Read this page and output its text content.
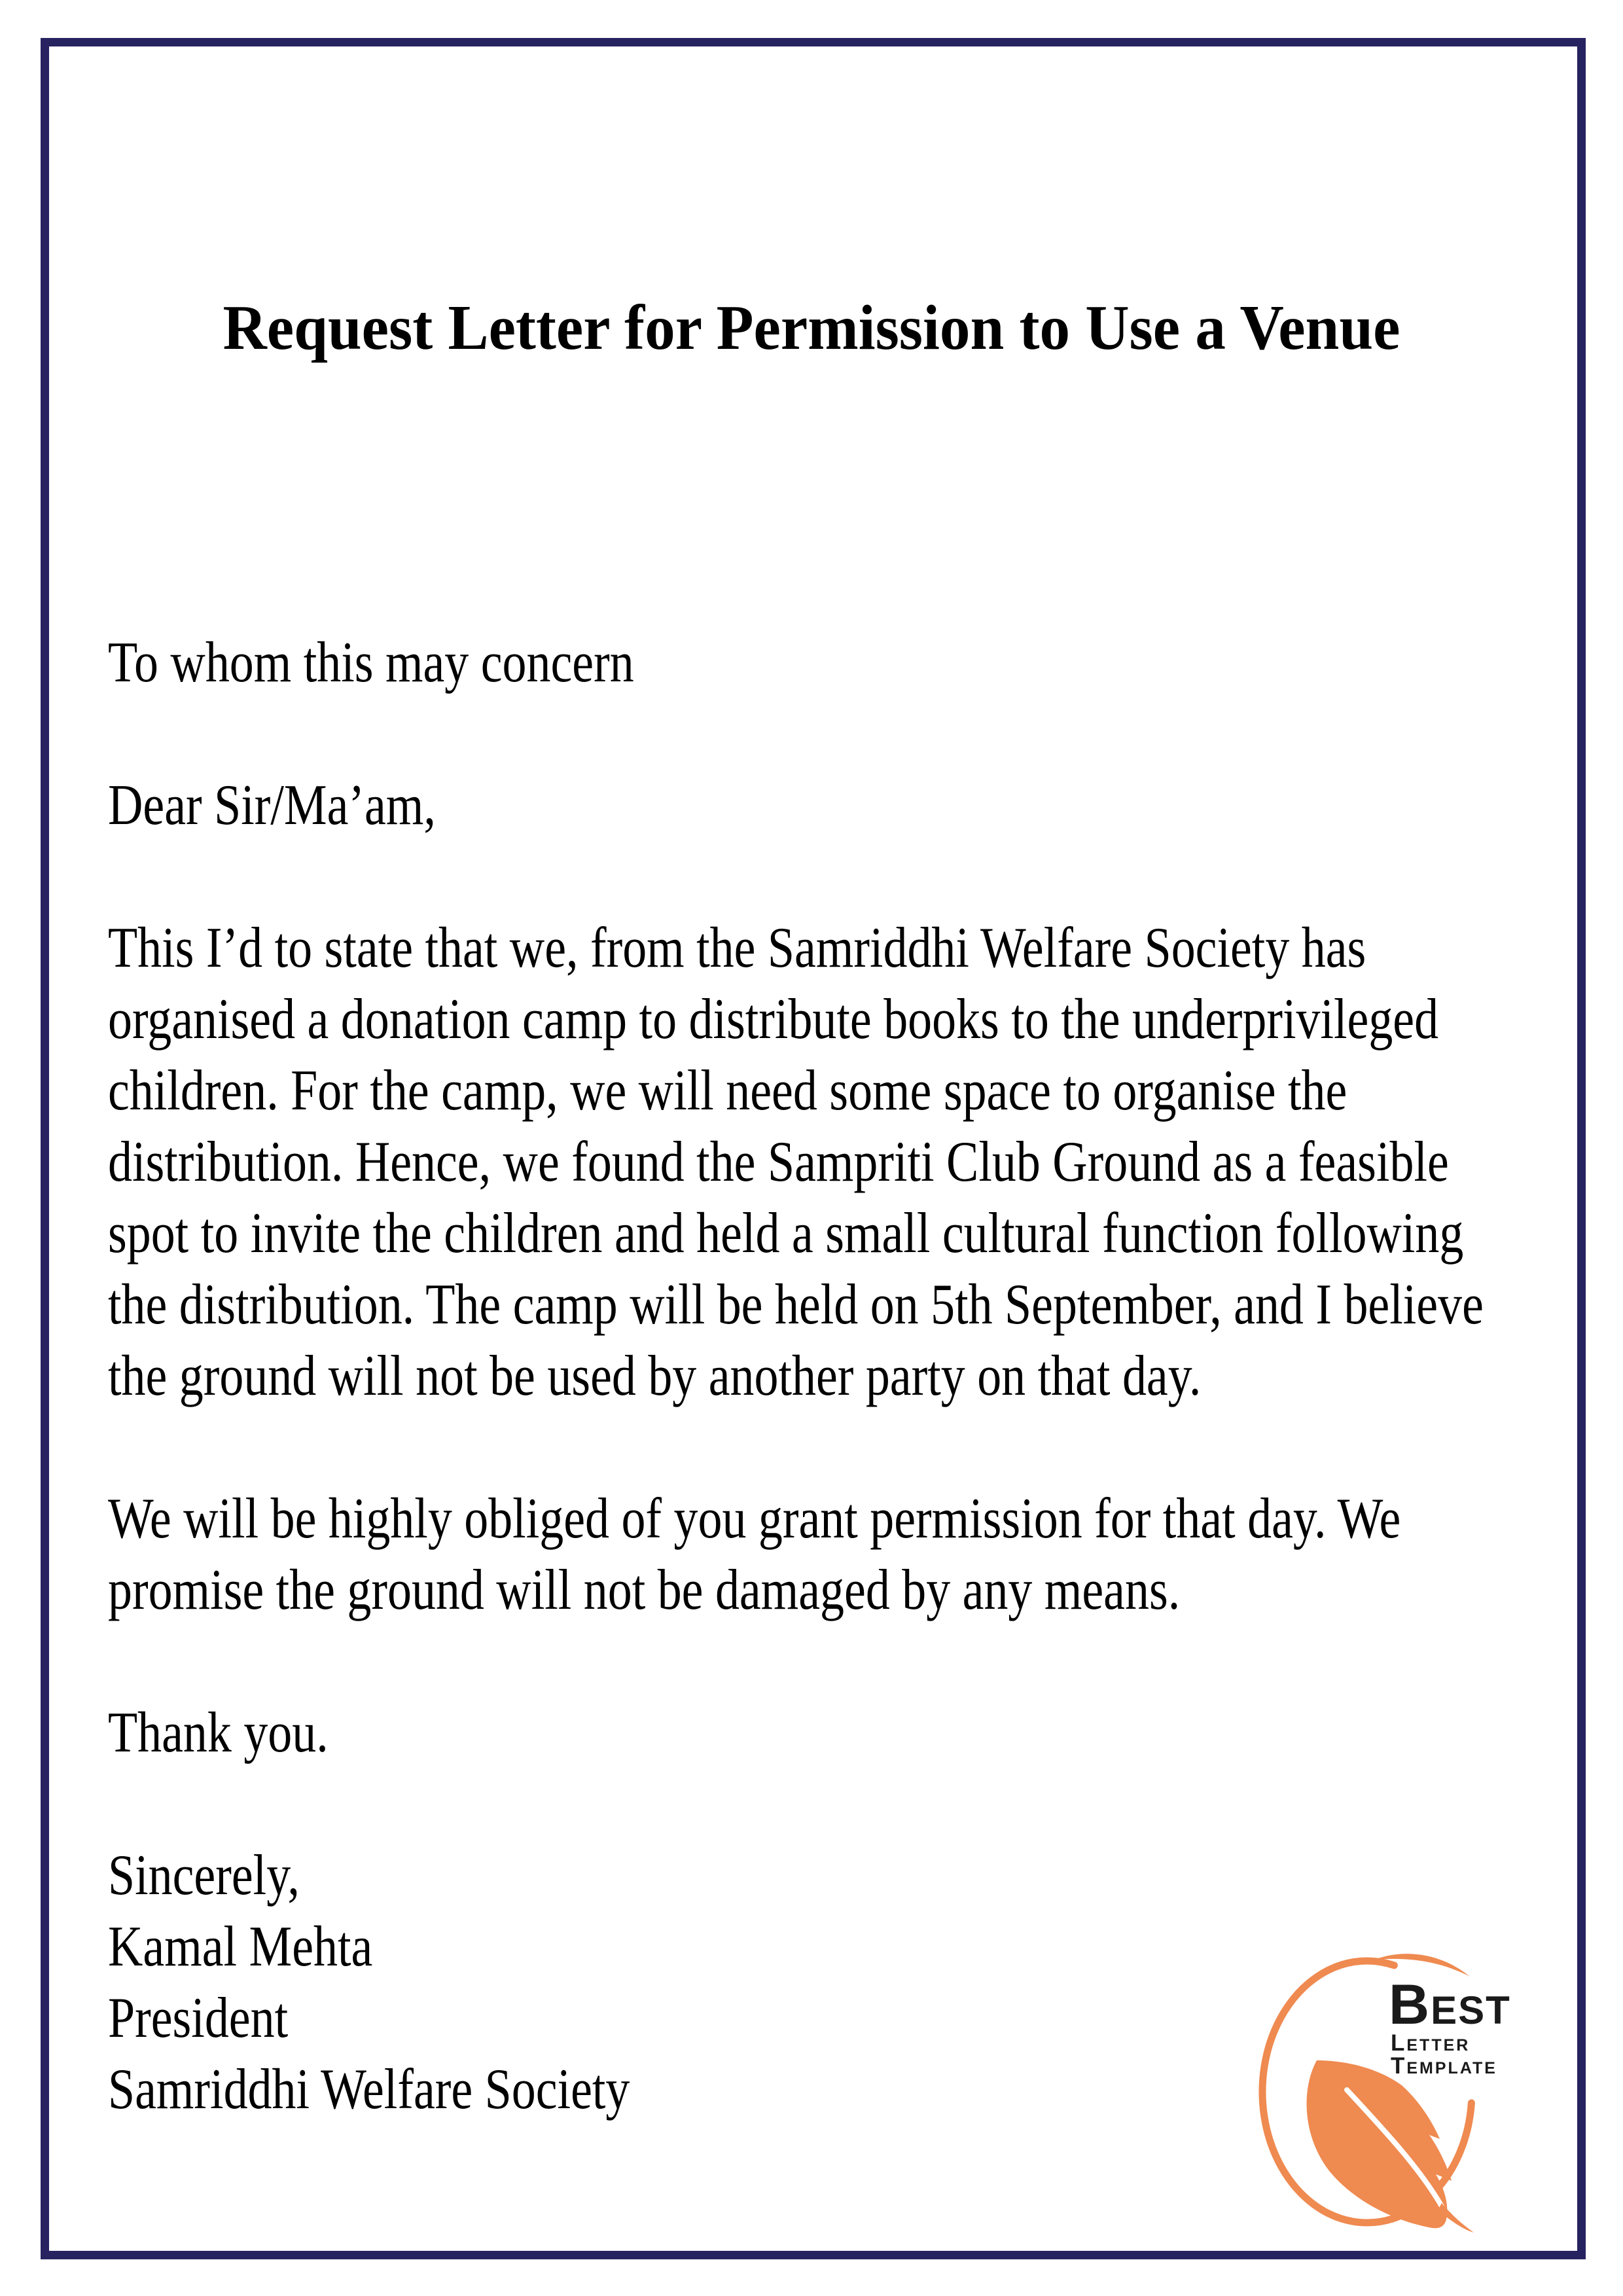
Request Letter for Permission to Use a Venue

To whom this may concern

Dear Sir/Ma’am,

This I’d to state that we, from the Samriddhi Welfare Society has
organised a donation camp to distribute books to the underprivileged
children. For the camp, we will need some space to organise the
distribution. Hence, we found the Sampriti Club Ground as a feasible
spot to invite the children and held a small cultural function following
the distribution. The camp will be held on 5th September, and I believe
the ground will not be used by another party on that day.

We will be highly obliged of you grant permission for that day. We
promise the ground will not be damaged by any means.

Thank you.

Sincerely,
Kamal Mehta
President
Samriddhi Welfare Society

Best
Letter Template
